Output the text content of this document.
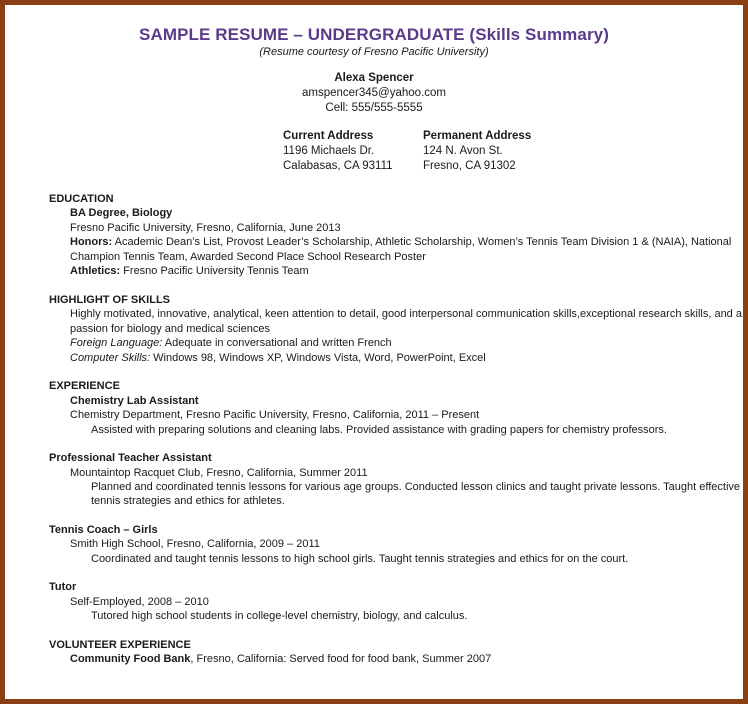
SAMPLE RESUME – UNDERGRADUATE (Skills Summary)
(Resume courtesy of Fresno Pacific University)
Alexa Spencer
amspencer345@yahoo.com
Cell: 555/555-5555
Current Address
1196 Michaels Dr.
Calabasas, CA 93111
Permanent Address
124 N. Avon St.
Fresno, CA 91302
EDUCATION
BA Degree, Biology
Fresno Pacific University, Fresno, California, June 2013
Honors: Academic Dean’s List, Provost Leader’s Scholarship, Athletic Scholarship, Women’s Tennis Team Division 1 & (NAIA), National
Champion Tennis Team, Awarded Second Place School Research Poster
Athletics: Fresno Pacific University Tennis Team
HIGHLIGHT OF SKILLS
Highly motivated, innovative, analytical, keen attention to detail, good interpersonal communication skills,exceptional research skills, and a
passion for biology and medical sciences
Foreign Language: Adequate in conversational and written French
Computer Skills: Windows 98, Windows XP, Windows Vista, Word, PowerPoint, Excel
EXPERIENCE
Chemistry Lab Assistant
Chemistry Department, Fresno Pacific University, Fresno, California, 2011 – Present
Assisted with preparing solutions and cleaning labs. Provided assistance with grading papers for chemistry professors.
Professional Teacher Assistant
Mountaintop Racquet Club, Fresno, California, Summer 2011
Planned and coordinated tennis lessons for various age groups. Conducted lesson clinics and taught private lessons. Taught effective
tennis strategies and ethics for athletes.
Tennis Coach – Girls
Smith High School, Fresno, California, 2009 – 2011
Coordinated and taught tennis lessons to high school girls. Taught tennis strategies and ethics for on the court.
Tutor
Self-Employed, 2008 – 2010
Tutored high school students in college-level chemistry, biology, and calculus.
VOLUNTEER EXPERIENCE
Community Food Bank, Fresno, California: Served food for food bank, Summer 2007
